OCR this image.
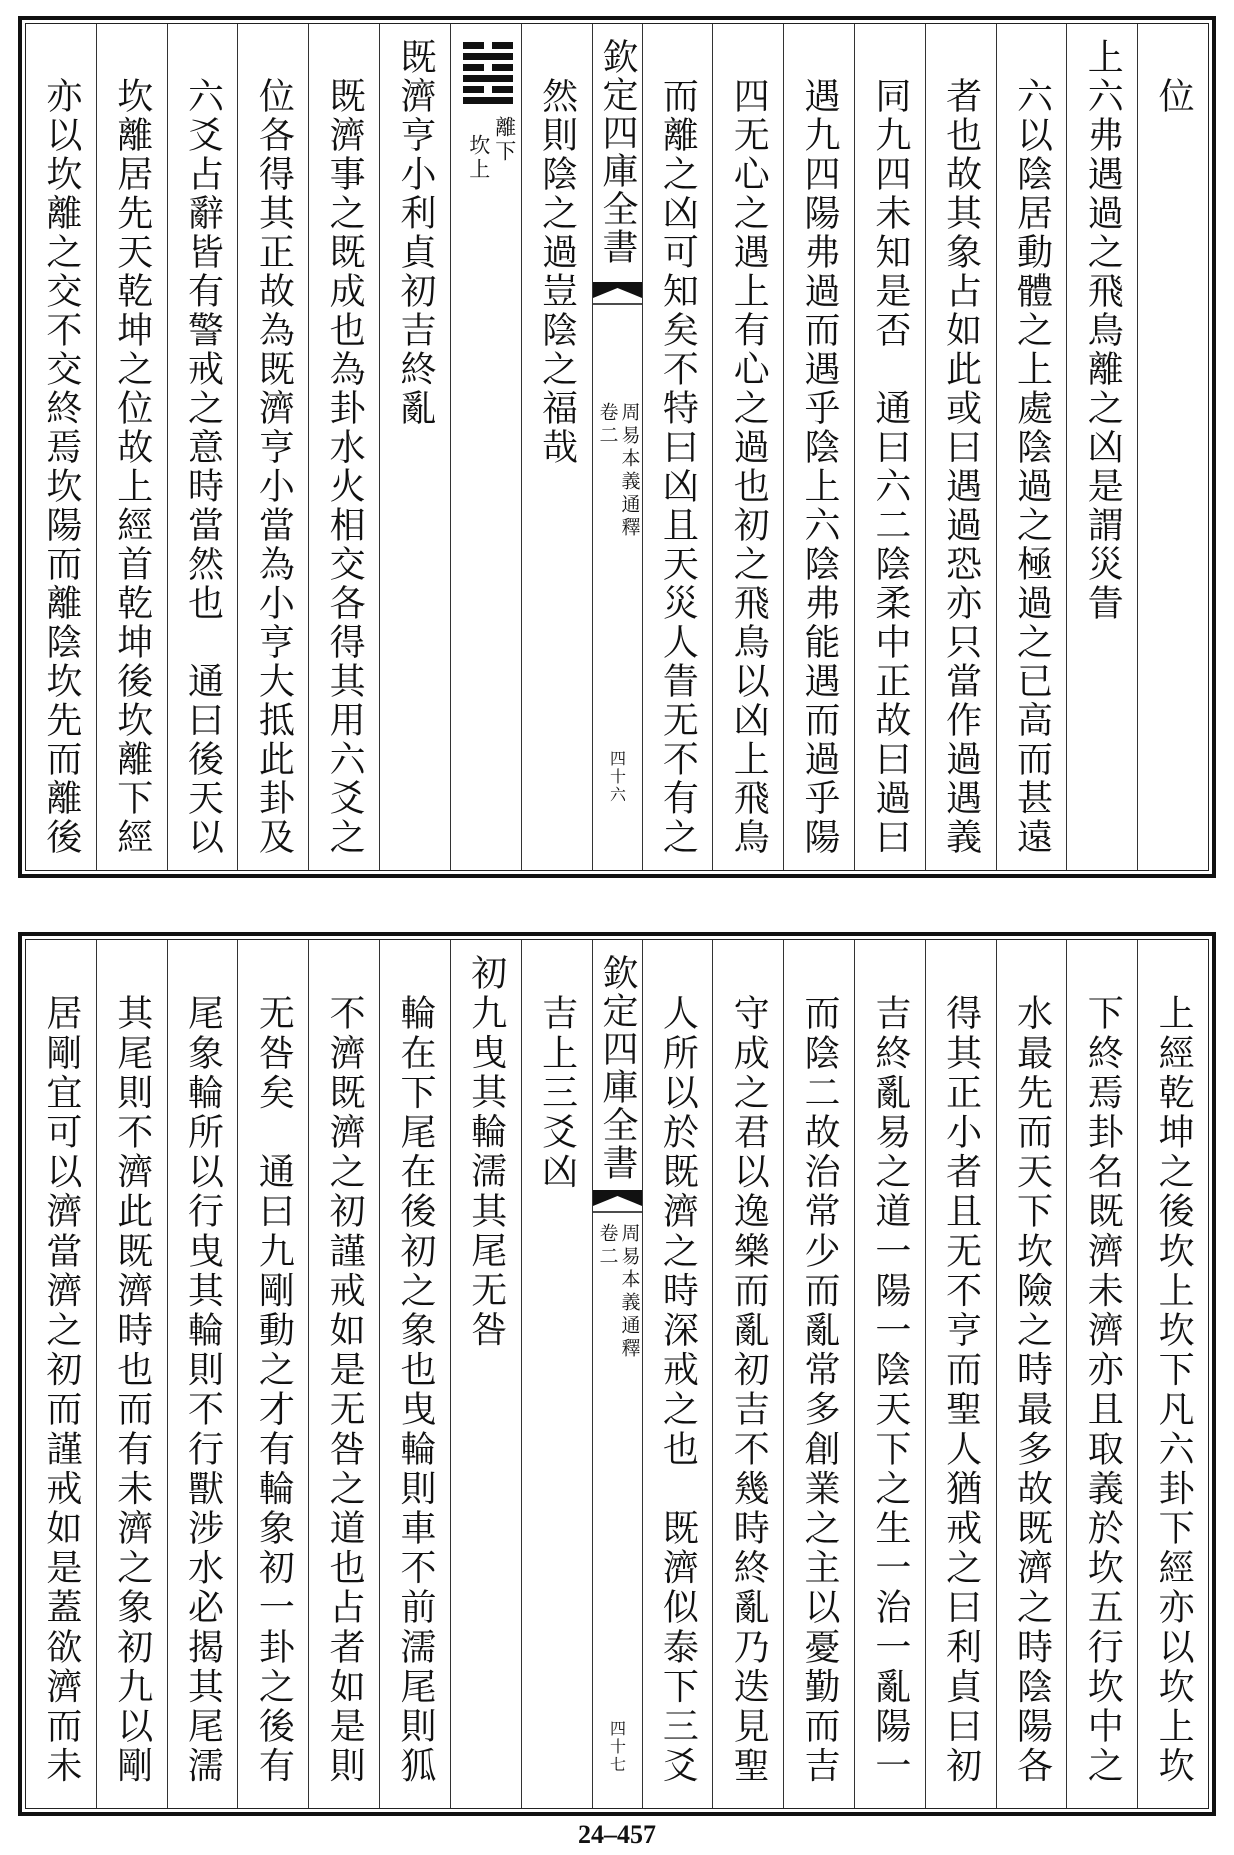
位
上六弗遇過之飛鳥離之凶是謂災眚
六以陰居動體之上處陰過之極過之已高而甚遠
者也故其象占如此或曰遇過恐亦只當作過遇義
同九四未知是否　通曰六二陰柔中正故曰過曰
遇九四陽弗過而遇乎陰上六陰弗能遇而過乎陽
四无心之遇上有心之過也初之飛鳥以凶上飛鳥
而離之凶可知矣不特曰凶且天災人眚无不有之
欽定四庫全書
周易本義通釋
卷二
四十六
然則陰之過豈陰之福哉
離下
坎上
既濟亨小利貞初吉終亂
既濟事之既成也為卦水火相交各得其用六爻之
位各得其正故為既濟亨小當為小亨大抵此卦及
六爻占辭皆有警戒之意時當然也　通曰後天以
坎離居先天乾坤之位故上經首乾坤後坎離下經
亦以坎離之交不交終焉坎陽而離陰坎先而離後
上經乾坤之後坎上坎下凡六卦下經亦以坎上坎
下終焉卦名既濟未濟亦且取義於坎五行坎中之
水最先而天下坎險之時最多故既濟之時陰陽各
得其正小者且无不亨而聖人猶戒之曰利貞曰初
吉終亂易之道一陽一陰天下之生一治一亂陽一
而陰二故治常少而亂常多創業之主以憂勤而吉
守成之君以逸樂而亂初吉不幾時終亂乃迭見聖
人所以於既濟之時深戒之也　既濟似泰下三爻
欽定四庫全書
周易本義通釋
卷二
四十七
吉上三爻凶
初九曳其輪濡其尾无咎
輪在下尾在後初之象也曳輪則車不前濡尾則狐
不濟既濟之初謹戒如是无咎之道也占者如是則
无咎矣　通曰九剛動之才有輪象初一卦之後有
尾象輪所以行曳其輪則不行獸涉水必揭其尾濡
其尾則不濟此既濟時也而有未濟之象初九以剛
居剛宜可以濟當濟之初而謹戒如是蓋欲濟而未
24–457
